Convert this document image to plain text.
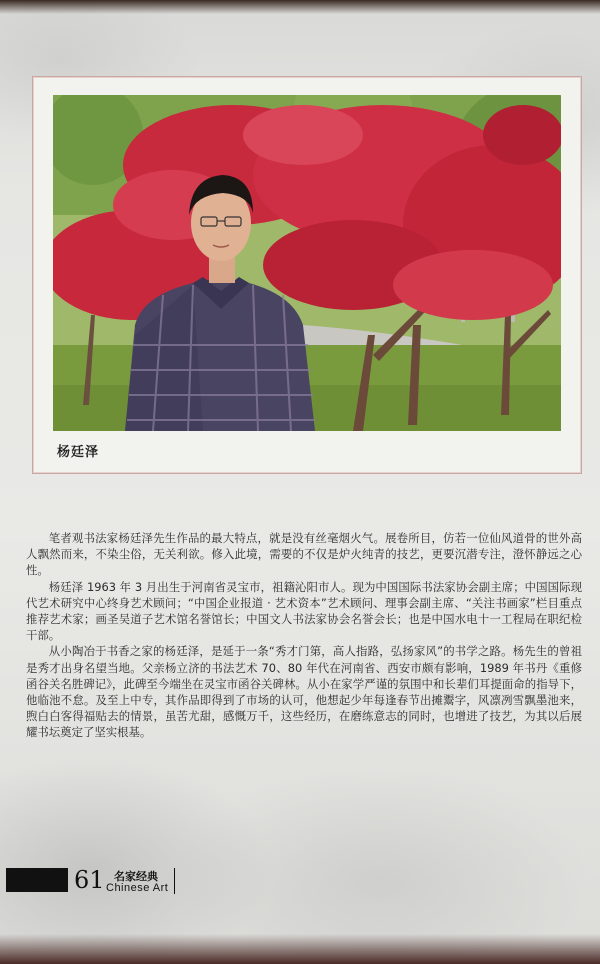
杨廷泽

笔者观书法家杨廷泽先生作品的最大特点，就是没有丝毫烟火气。展卷所目，仿若一位仙风道骨的世外高人飘然而来，不染尘俗，无关利欲。修入此境，需要的不仅是炉火纯青的技艺，更要沉潜专注，澄怀静远之心性。

杨廷泽 1963 年 3 月出生于河南省灵宝市，祖籍沁阳市人。现为中国国际书法家协会副主席；中国国际现代艺术研究中心终身艺术顾问；“中国企业报道 · 艺术资本”艺术顾问、理事会副主席、“关注书画家”栏目重点推荐艺术家；画圣吴道子艺术馆名誉馆长；中国文人书法家协会名誉会长；也是中国水电十一工程局在职纪检干部。

从小陶冶于书香之家的杨廷泽，是延于一条“秀才门第，高人指路，弘扬家风”的书学之路。杨先生的曾祖是秀才出身名望当地。父亲杨立济的书法艺术 70、80 年代在河南省、西安市颇有影响，1989 年书丹《重修函谷关名胜碑记》，此碑至今端坐在灵宝市函谷关碑林。从小在家学严谨的氛围中和长辈们耳提面命的指导下，他临池不怠。及至上中专，其作品即得到了市场的认可，他想起少年每逢春节出摊鬻字，风凛冽雪飘墨池来，煦白白客得福贴去的情景，虽苦尤甜，感慨万千，这些经历，在磨练意志的同时，也增进了技艺，为其以后展耀书坛奠定了坚实根基。

61 名家经典
Chinese Art
